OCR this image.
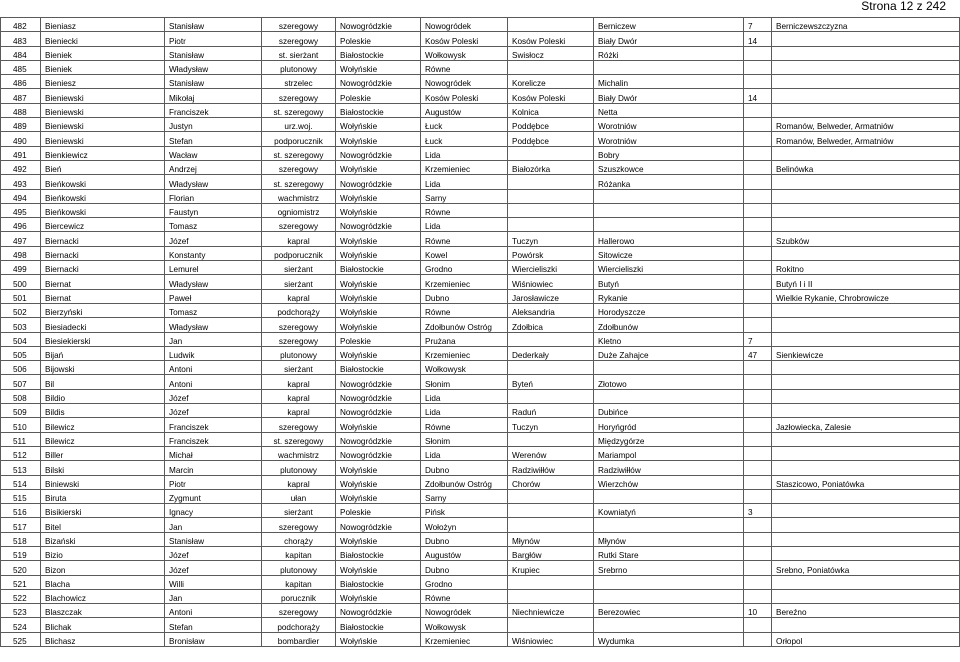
Strona 12 z 242
482	Bieniasz	Stanisław	szeregowy	Nowogródzkie	Nowogródek		Berniczew	7	Berniczewszczyzna
483	Bieniecki	Piotr	szeregowy	Poleskie	Kosów Poleski	Kosów Poleski	Biały Dwór	14	
484	Bieniek	Stanisław	st. sierżant	Białostockie	Wołkowysk	Swisłocz	Różki		
485	Bieniek	Władysław	plutonowy	Wołyńskie	Równe				
486	Bieniesz	Stanisław	strzelec	Nowogródzkie	Nowogródek	Korelicze	Michalin		
487	Bieniewski	Mikołaj	szeregowy	Poleskie	Kosów Poleski	Kosów Poleski	Biały Dwór	14	
488	Bieniewski	Franciszek	st. szeregowy	Białostockie	Augustów	Kolnica	Netta		
489	Bieniewski	Justyn	urz.woj.	Wołyńskie	Łuck	Poddębce	Worotniów		Romanów, Belweder, Armatniów
490	Bieniewski	Stefan	podporucznik	Wołyńskie	Łuck	Poddębce	Worotniów		Romanów, Belweder, Armatniów
491	Bienkiewicz	Wacław	st. szeregowy	Nowogródzkie	Lida		Bobry		
492	Bień	Andrzej	szeregowy	Wołyńskie	Krzemieniec	Białozórka	Szuszkowce		Belinówka
493	Bieńkowski	Władysław	st. szeregowy	Nowogródzkie	Lida		Różanka		
494	Bieńkowski	Florian	wachmistrz	Wołyńskie	Sarny				
495	Bieńkowski	Faustyn	ogniomistrz	Wołyńskie	Równe				
496	Biercewicz	Tomasz	szeregowy	Nowogródzkie	Lida				
497	Biernacki	Józef	kapral	Wołyńskie	Równe	Tuczyn	Hallerowo		Szubków
498	Biernacki	Konstanty	podporucznik	Wołyńskie	Kowel	Powórsk	Sitowicze		
499	Biernacki	Lemurel	sierżant	Białostockie	Grodno	Wiercieliszki	Wiercieliszki		Rokitno
500	Biernat	Władysław	sierżant	Wołyńskie	Krzemieniec	Wiśniowiec	Butyń		Butyń I i II
501	Biernat	Paweł	kapral	Wołyńskie	Dubno	Jarosławicze	Rykanie		Wielkie Rykanie, Chrobrowicze
502	Bierzyński	Tomasz	podchorąży	Wołyńskie	Równe	Aleksandria	Horodyszcze		
503	Biesiadecki	Władysław	szeregowy	Wołyńskie	Zdołbunów Ostróg	Zdołbica	Zdołbunów		
504	Biesiekierski	Jan	szeregowy	Poleskie	Prużana		Kletno	7	
505	Bijań	Ludwik	plutonowy	Wołyńskie	Krzemieniec	Dederkały	Duże Zahajce	47	Sienkiewicze
506	Bijowski	Antoni	sierżant	Białostockie	Wołkowysk				
507	Bil	Antoni	kapral	Nowogródzkie	Słonim	Byteń	Złotowo		
508	Bildio	Józef	kapral	Nowogródzkie	Lida				
509	Bildis	Józef	kapral	Nowogródzkie	Lida	Raduń	Dubińce		
510	Bilewicz	Franciszek	szeregowy	Wołyńskie	Równe	Tuczyn	Horyńgród		Jazłowiecka, Zalesie
511	Bilewicz	Franciszek	st. szeregowy	Nowogródzkie	Słonim		Międzygórze		
512	Biller	Michał	wachmistrz	Nowogródzkie	Lida	Werenów	Mariampol		
513	Bilski	Marcin	plutonowy	Wołyńskie	Dubno	Radziwiłłów	Radziwiłłów		
514	Biniewski	Piotr	kapral	Wołyńskie	Zdołbunów Ostróg	Chorów	Wierzchów		Staszicowo, Poniatówka
515	Biruta	Zygmunt	ułan	Wołyńskie	Sarny				
516	Bisikierski	Ignacy	sierżant	Poleskie	Pińsk		Kowniatyń	3	
517	Bitel	Jan	szeregowy	Nowogródzkie	Wołożyn				
518	Bizański	Stanisław	chorąży	Wołyńskie	Dubno	Młynów	Młynów		
519	Bizio	Józef	kapitan	Białostockie	Augustów	Bargłów	Rutki Stare		
520	Bizon	Józef	plutonowy	Wołyńskie	Dubno	Krupiec	Srebrno		Srebno, Poniatówka
521	Blacha	Willi	kapitan	Białostockie	Grodno				
522	Blachowicz	Jan	porucznik	Wołyńskie	Równe				
523	Blaszczak	Antoni	szeregowy	Nowogródzkie	Nowogródek	Niechniewicze	Berezowiec	10	Bereźno
524	Blichak	Stefan	podchorąży	Białostockie	Wołkowysk				
525	Blichasz	Bronisław	bombardier	Wołyńskie	Krzemieniec	Wiśniowiec	Wydumka		Orłopol
